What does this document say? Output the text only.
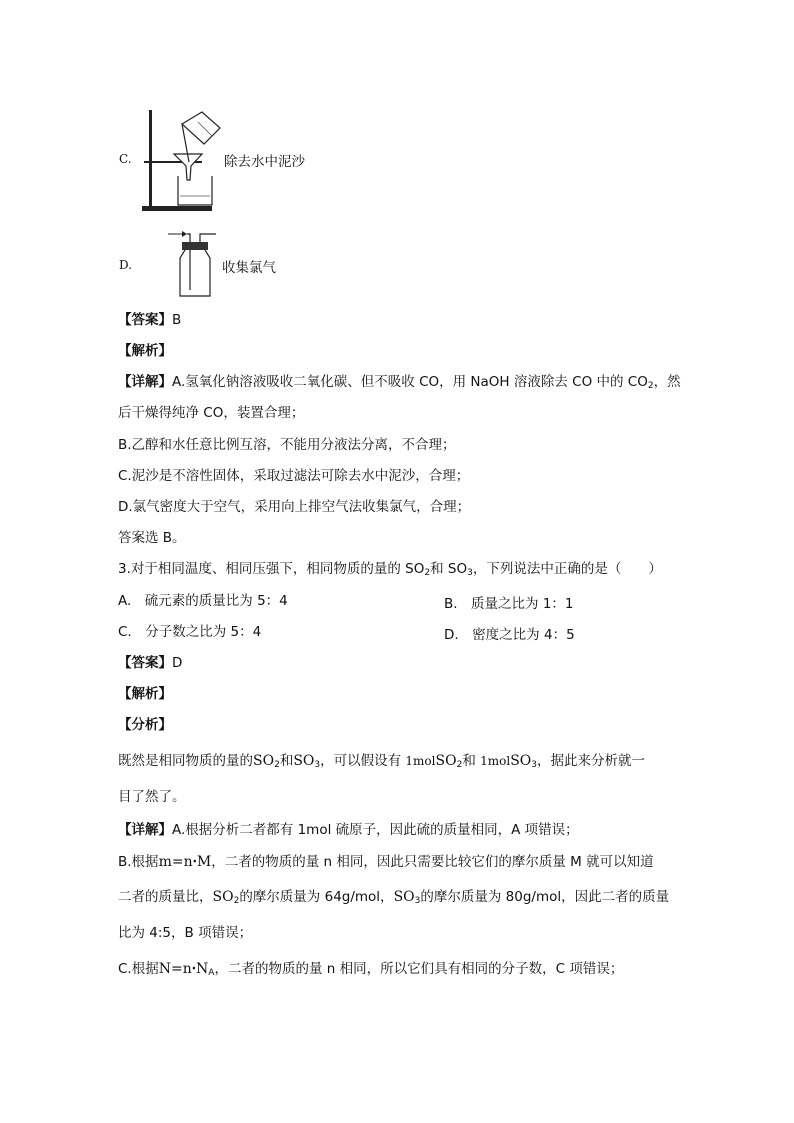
C.	除去水中泥沙
D.	收集氯气
【答案】B
【解析】
【详解】A.氢氧化钠溶液吸收二氧化碳、但不吸收 CO，用 NaOH 溶液除去 CO 中的 $CO_2$，然
后干燥得纯净 CO，装置合理；
B.乙醇和水任意比例互溶，不能用分液法分离，不合理；
C.泥沙是不溶性固体，采取过滤法可除去水中泥沙，合理；
D.氯气密度大于空气，采用向上排空气法收集氯气，合理；
答案选 B。
3.对于相同温度、相同压强下，相同物质的量的 $SO_2$和 $SO_3$，下列说法中正确的是（　　）
A.　硫元素的质量比为 5：4	B.　质量之比为 1：1
C.　分子数之比为 5：4	D.　密度之比为 4：5
【答案】D
【解析】
【分析】
既然是相同物质的量的$SO_2$和$SO_3$，可以假设有 1molSO$_2$和 1molSO$_3$，据此来分析就一
目了然了。
【详解】A.根据分析二者都有 1mol 硫原子，因此硫的质量相同，A 项错误；
B.根据m=nꞏM，二者的物质的量 n 相同，因此只需要比较它们的摩尔质量 M 就可以知道
二者的质量比，$SO_2$的摩尔质量为 64g/mol，$SO_3$的摩尔质量为 80g/mol，因此二者的质量
比为 4:5，B 项错误；
C.根据N=nꞏN$_A$，二者的物质的量 n 相同，所以它们具有相同的分子数，C 项错误；
